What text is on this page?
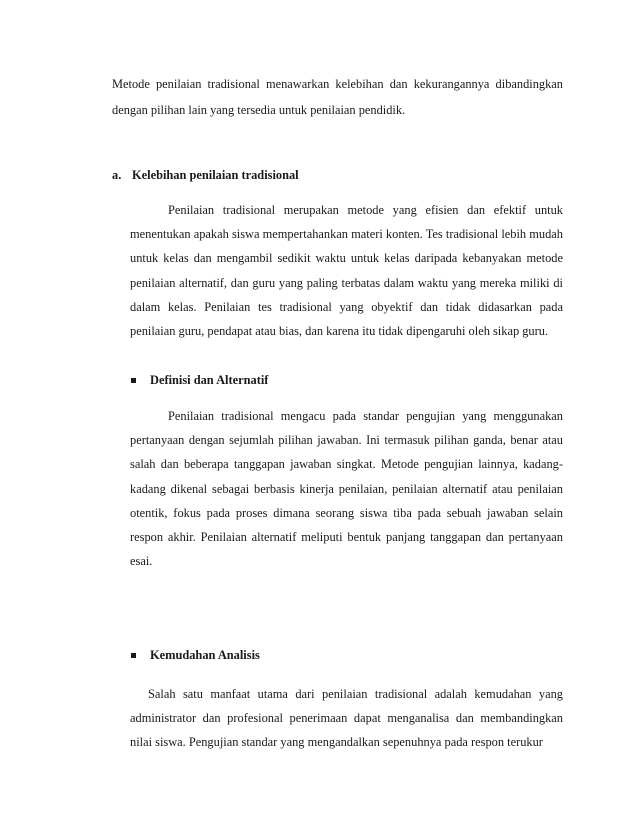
Metode penilaian tradisional menawarkan kelebihan dan kekurangannya dibandingkan dengan pilihan lain yang tersedia untuk penilaian pendidik.

a. Kelebihan penilaian tradisional

Penilaian tradisional merupakan metode yang efisien dan efektif untuk menentukan apakah siswa mempertahankan materi konten. Tes tradisional lebih mudah untuk kelas dan mengambil sedikit waktu untuk kelas daripada kebanyakan metode penilaian alternatif, dan guru yang paling terbatas dalam waktu yang mereka miliki di dalam kelas. Penilaian tes tradisional yang obyektif dan tidak didasarkan pada penilaian guru, pendapat atau bias, dan karena itu tidak dipengaruhi oleh sikap guru.

Definisi dan Alternatif

Penilaian tradisional mengacu pada standar pengujian yang menggunakan pertanyaan dengan sejumlah pilihan jawaban. Ini termasuk pilihan ganda, benar atau salah dan beberapa tanggapan jawaban singkat. Metode pengujian lainnya, kadang-kadang dikenal sebagai berbasis kinerja penilaian, penilaian alternatif atau penilaian otentik, fokus pada proses dimana seorang siswa tiba pada sebuah jawaban selain respon akhir. Penilaian alternatif meliputi bentuk panjang tanggapan dan pertanyaan esai.

Kemudahan Analisis

Salah satu manfaat utama dari penilaian tradisional adalah kemudahan yang administrator dan profesional penerimaan dapat menganalisa dan membandingkan nilai siswa. Pengujian standar yang mengandalkan sepenuhnya pada respon terukur
